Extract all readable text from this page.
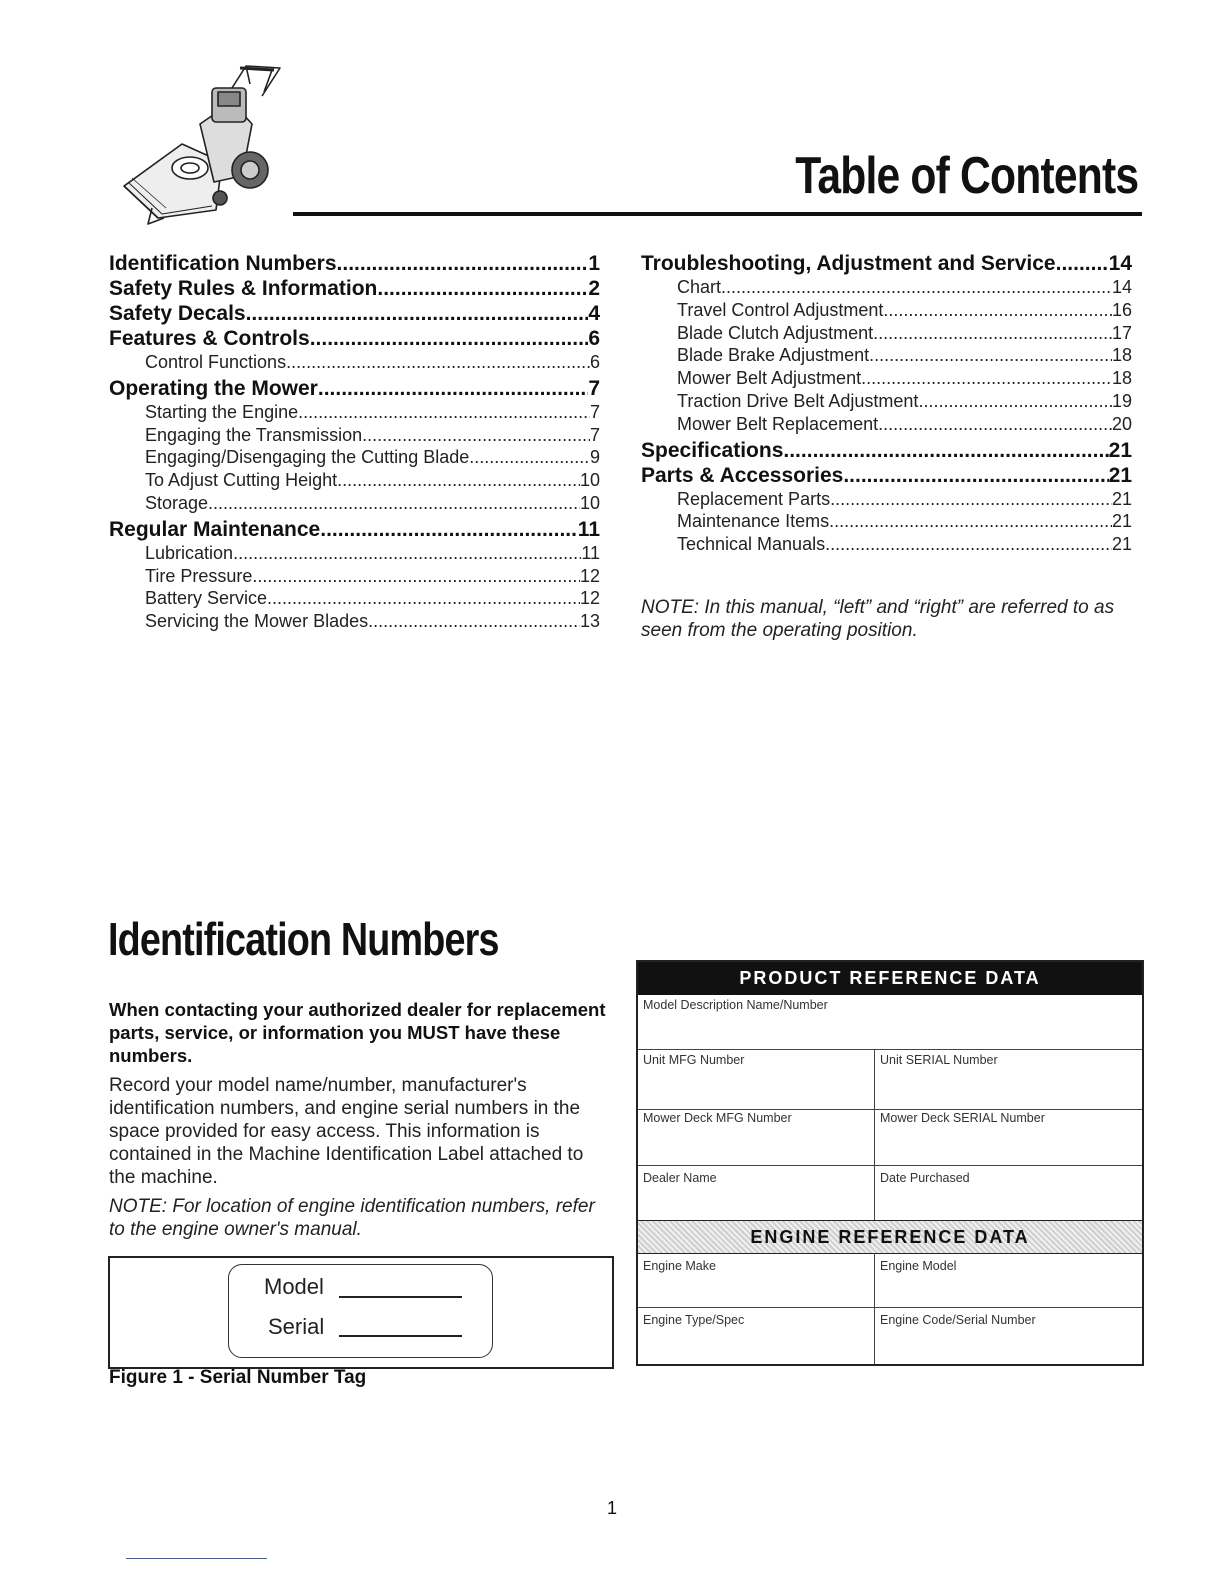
Table of Contents
Identification Numbers .....	1
Safety Rules & Information .....	2
Safety Decals .....	4
Features & Controls .....	6
Control Functions .....	6
Operating the Mower .....	7
Starting the Engine .....	7
Engaging the Transmission .....	7
Engaging/Disengaging the Cutting Blade .....	9
To Adjust Cutting Height .....	10
Storage .....	10
Regular Maintenance .....	11
Lubrication .....	11
Tire Pressure .....	12
Battery Service .....	12
Servicing the Mower Blades .....	13
Troubleshooting, Adjustment and Service .....	14
Chart .....	14
Travel Control Adjustment .....	16
Blade Clutch Adjustment .....	17
Blade Brake Adjustment .....	18
Mower Belt Adjustment .....	18
Traction Drive Belt Adjustment .....	19
Mower Belt Replacement .....	20
Specifications .....	21
Parts & Accessories .....	21
Replacement Parts .....	21
Maintenance Items .....	21
Technical Manuals .....	21
NOTE: In this manual, “left” and “right” are referred to as seen from the operating position.
Identification Numbers

When contacting your authorized dealer for replacement parts, service, or information you MUST have these numbers.

Record your model name/number, manufacturer's identification numbers, and engine serial numbers in the space provided for easy access. This information is contained in the Machine Identification Label attached to the machine.

NOTE: For location of engine identification numbers, refer to the engine owner's manual.

Model
Serial
Figure 1 - Serial Number Tag
PRODUCT REFERENCE DATA
Model Description Name/Number
Unit MFG Number	Unit SERIAL Number
Mower Deck MFG Number	Mower Deck SERIAL Number
Dealer Name	Date Purchased
ENGINE REFERENCE DATA
Engine Make	Engine Model
Engine Type/Spec	Engine Code/Serial Number
1
